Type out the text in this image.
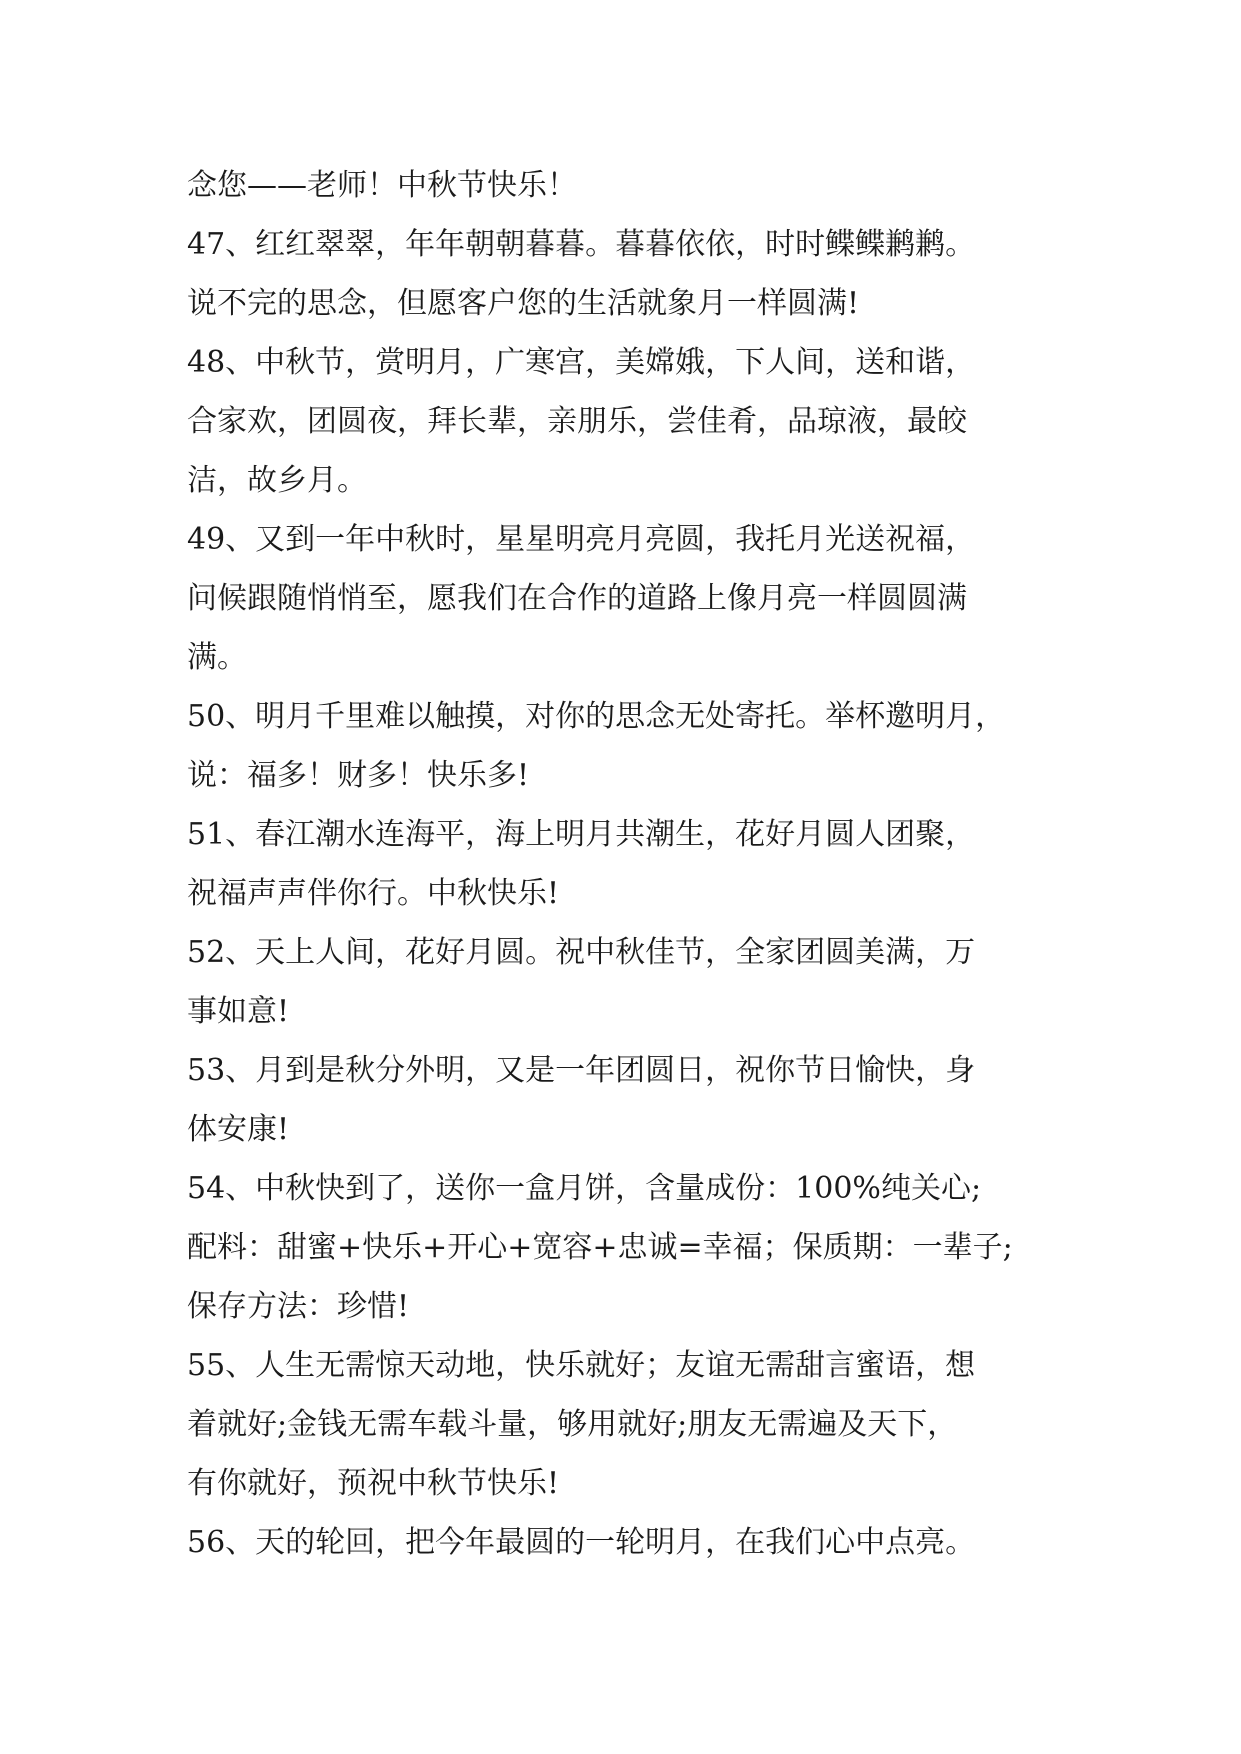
念您——老师！中秋节快乐！
47、红红翠翠，年年朝朝暮暮。暮暮依依，时时鲽鲽鹣鹣。
说不完的思念，但愿客户您的生活就象月一样圆满!
48、中秋节，赏明月，广寒宫，美嫦娥，下人间，送和谐，
合家欢，团圆夜，拜长辈，亲朋乐，尝佳肴，品琼液，最皎
洁，故乡月。
49、又到一年中秋时，星星明亮月亮圆，我托月光送祝福，
问候跟随悄悄至，愿我们在合作的道路上像月亮一样圆圆满
满。
50、明月千里难以触摸，对你的思念无处寄托。举杯邀明月，
说：福多！财多！快乐多!
51、春江潮水连海平，海上明月共潮生，花好月圆人团聚，
祝福声声伴你行。中秋快乐!
52、天上人间，花好月圆。祝中秋佳节，全家团圆美满，万
事如意!
53、月到是秋分外明，又是一年团圆日，祝你节日愉快，身
体安康!
54、中秋快到了，送你一盒月饼，含量成份：100%纯关心;
配料：甜蜜+快乐+开心+宽容+忠诚=幸福；保质期：一辈子;
保存方法：珍惜!
55、人生无需惊天动地，快乐就好；友谊无需甜言蜜语，想
着就好;金钱无需车载斗量，够用就好;朋友无需遍及天下，
有你就好，预祝中秋节快乐!
56、天的轮回，把今年最圆的一轮明月，在我们心中点亮。
